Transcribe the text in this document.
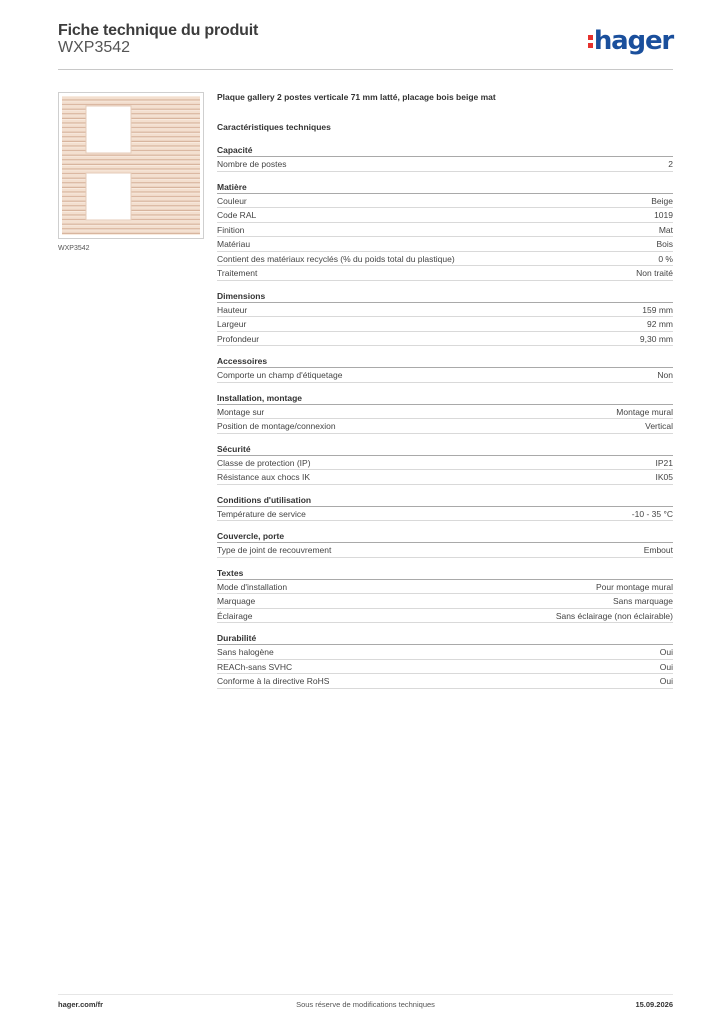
Fiche technique du produit
WXP3542	hager
WXP3542
Plaque gallery 2 postes verticale 71 mm latté, placage bois beige mat
Caractéristiques techniques
Capacité
Nombre de postes	2
Matière
Couleur	Beige
Code RAL	1019
Finition	Mat
Matériau	Bois
Contient des matériaux recyclés (% du poids total du plastique)	0 %
Traitement	Non traité
Dimensions
Hauteur	159 mm
Largeur	92 mm
Profondeur	9,30 mm
Accessoires
Comporte un champ d'étiquetage	Non
Installation, montage
Montage sur	Montage mural
Position de montage/connexion	Vertical
Sécurité
Classe de protection (IP)	IP21
Résistance aux chocs IK	IK05
Conditions d'utilisation
Température de service	-10 - 35 °C
Couvercle, porte
Type de joint de recouvrement	Embout
Textes
Mode d'installation	Pour montage mural
Marquage	Sans marquage
Éclairage	Sans éclairage (non éclairable)
Durabilité
Sans halogène	Oui
REACh-sans SVHC	Oui
Conforme à la directive RoHS	Oui
hager.com/fr	Sous réserve de modifications techniques	15.09.2026
